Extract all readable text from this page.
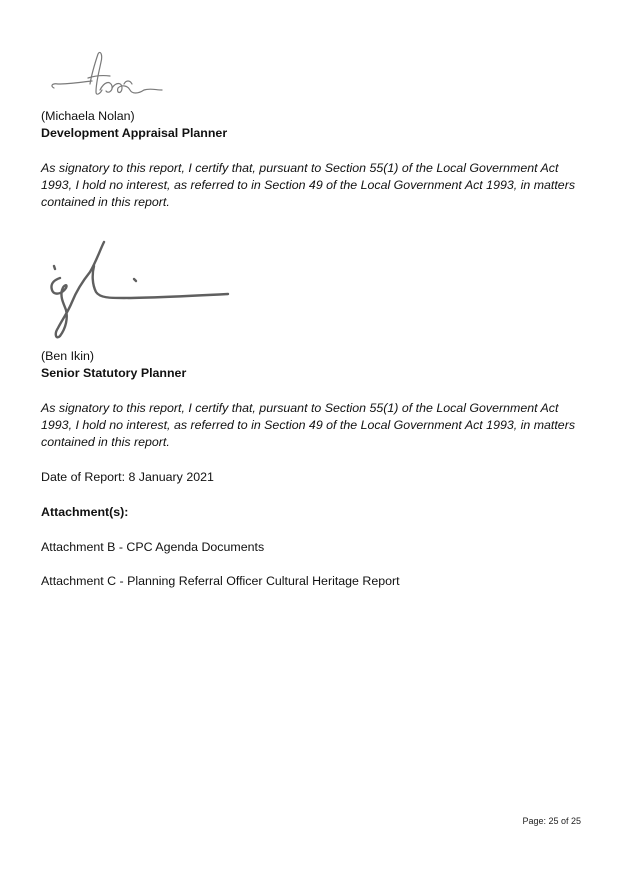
(Michaela Nolan)
Development Appraisal Planner
As signatory to this report, I certify that, pursuant to Section 55(1) of the Local Government Act 1993, I hold no interest, as referred to in Section 49 of the Local Government Act 1993, in matters contained in this report.
(Ben Ikin)
Senior Statutory Planner
As signatory to this report, I certify that, pursuant to Section 55(1) of the Local Government Act 1993, I hold no interest, as referred to in Section 49 of the Local Government Act 1993, in matters contained in this report.
Date of Report: 8 January 2021
Attachment(s):
Attachment B - CPC Agenda Documents
Attachment C - Planning Referral Officer Cultural Heritage Report
Page: 25 of 25
